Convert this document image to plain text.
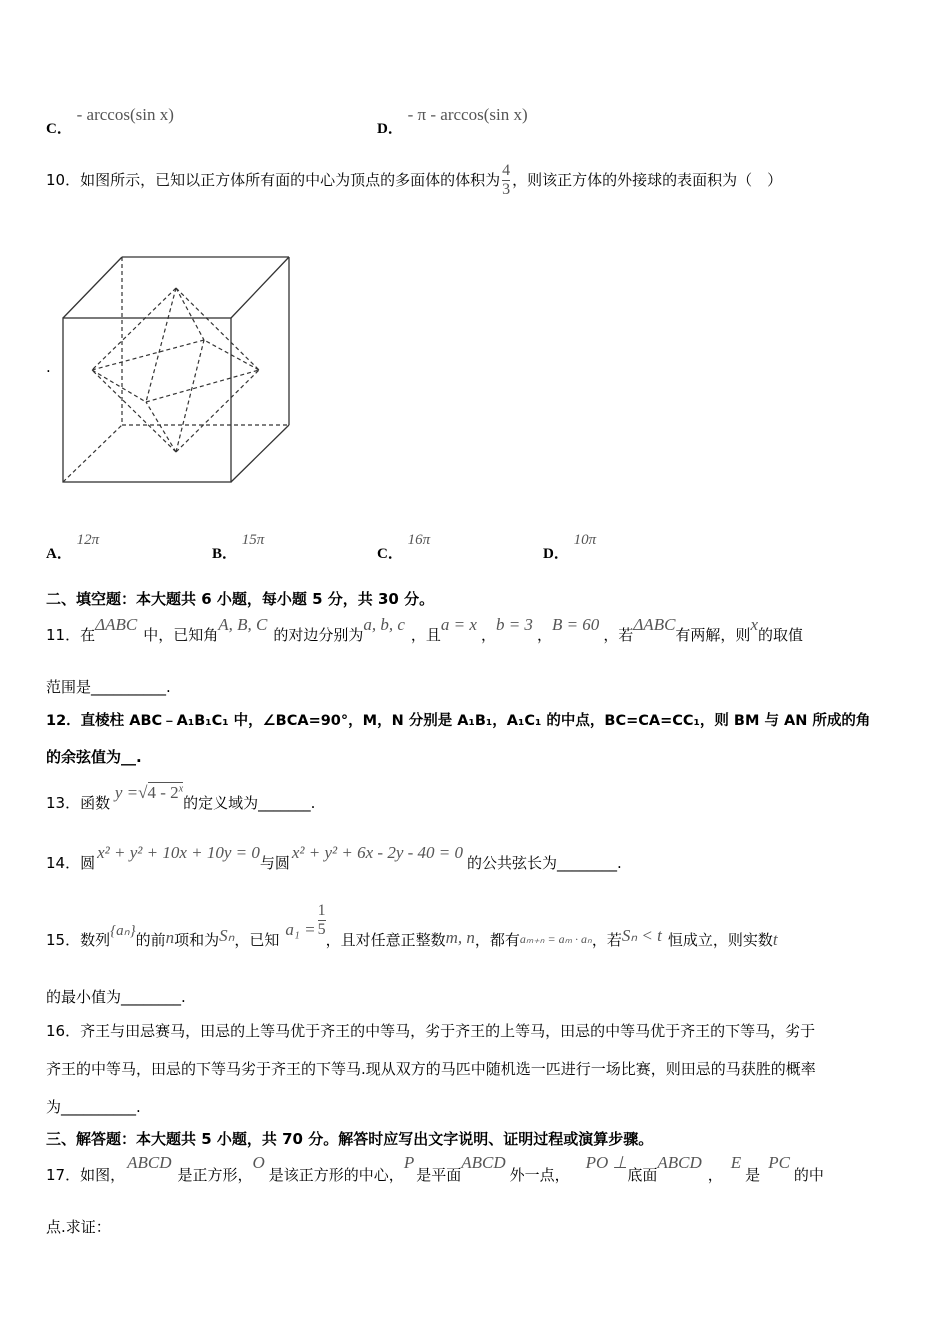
C． - arccos(sin x)
D． - π - arccos(sin x)
10．如图所示，已知以正方体所有面的中心为顶点的多面体的体积为 $\frac{4}{3}$ ，则该正方体的外接球的表面积为（　）
.
A． 12π
B． 15π
C． 16π
D． 10π
二、填空题：本大题共 6 小题，每小题 5 分，共 30 分。
11．在ΔABC中，已知角A, B, C的对边分别为a, b, c，且a = x，b = 3，B = 60，若ΔABC有两解，则x的取值
范围是__________.
12．直棱柱 ABC﹣A₁B₁C₁ 中，∠BCA=90°，M，N 分别是 A₁B₁，A₁C₁ 的中点，BC=CA=CC₁，则 BM 与 AN 所成的角
的余弦值为__.
13．函数 y =√4 - 2$^x$的定义域为_______.
14．圆x² + y² + 10x + 10y = 0与圆x² + y² + 6x - 2y - 40 = 0的公共弦长为________.
15．数列{aₙ}的前n项和为Sₙ，已知$a_1 = \frac{1}{5}$
，且对任意正整数m, n，都有$_{a_{m+n} = a_m \cdot a_n}$，若Sₙ < t 恒成立，则实数t
的最小值为________.
16．齐王与田忌赛马，田忌的上等马优于齐王的中等马，劣于齐王的上等马，田忌的中等马优于齐王的下等马，劣于
齐王的中等马，田忌的下等马劣于齐王的下等马.现从双方的马匹中随机选一匹进行一场比赛，则田忌的马获胜的概率
为__________.
三、解答题：本大题共 5 小题，共 70 分。解答时应写出文字说明、证明过程或演算步骤。
17．如图，ABCD是正方形，O是该正方形的中心，P是平面ABCD外一点，PO ⊥底面ABCD，E是PC的中
点.求证：
